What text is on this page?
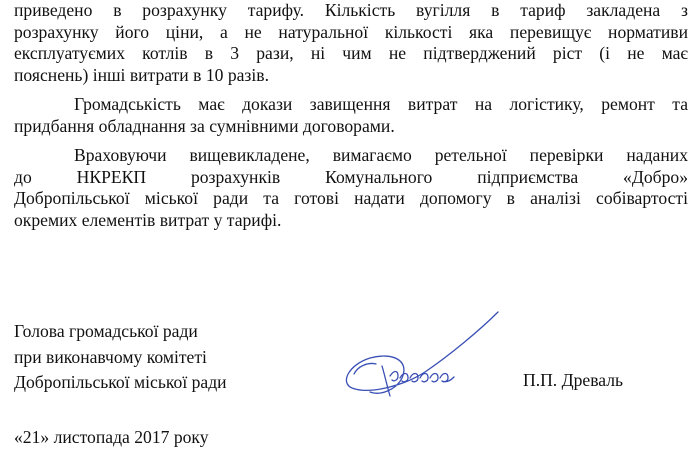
приведено в розрахунку тарифу. Кількість вугілля в тариф закладена з
розрахунку його ціни, а не натуральної кількості яка перевищує нормативи
експлуатуємих котлів в 3 рази, ні чим не підтверджений ріст (і не має
пояснень) інші витрати в 10 разів.
Громадськість має докази завищення витрат на логістику, ремонт та
придбання обладнання за сумнівними договорами.
Враховуючи вищевикладене, вимагаємо ретельної перевірки наданих
до НКРЕКП розрахунків Комунального підприємства «Добро»
Добропільської міської ради та готові надати допомогу в аналізі собівартості
окремих елементів витрат у тарифі.
Голова громадської ради
при виконавчому комітеті
Добропільської міської ради	П.П. Древаль
«21» листопада 2017 року
